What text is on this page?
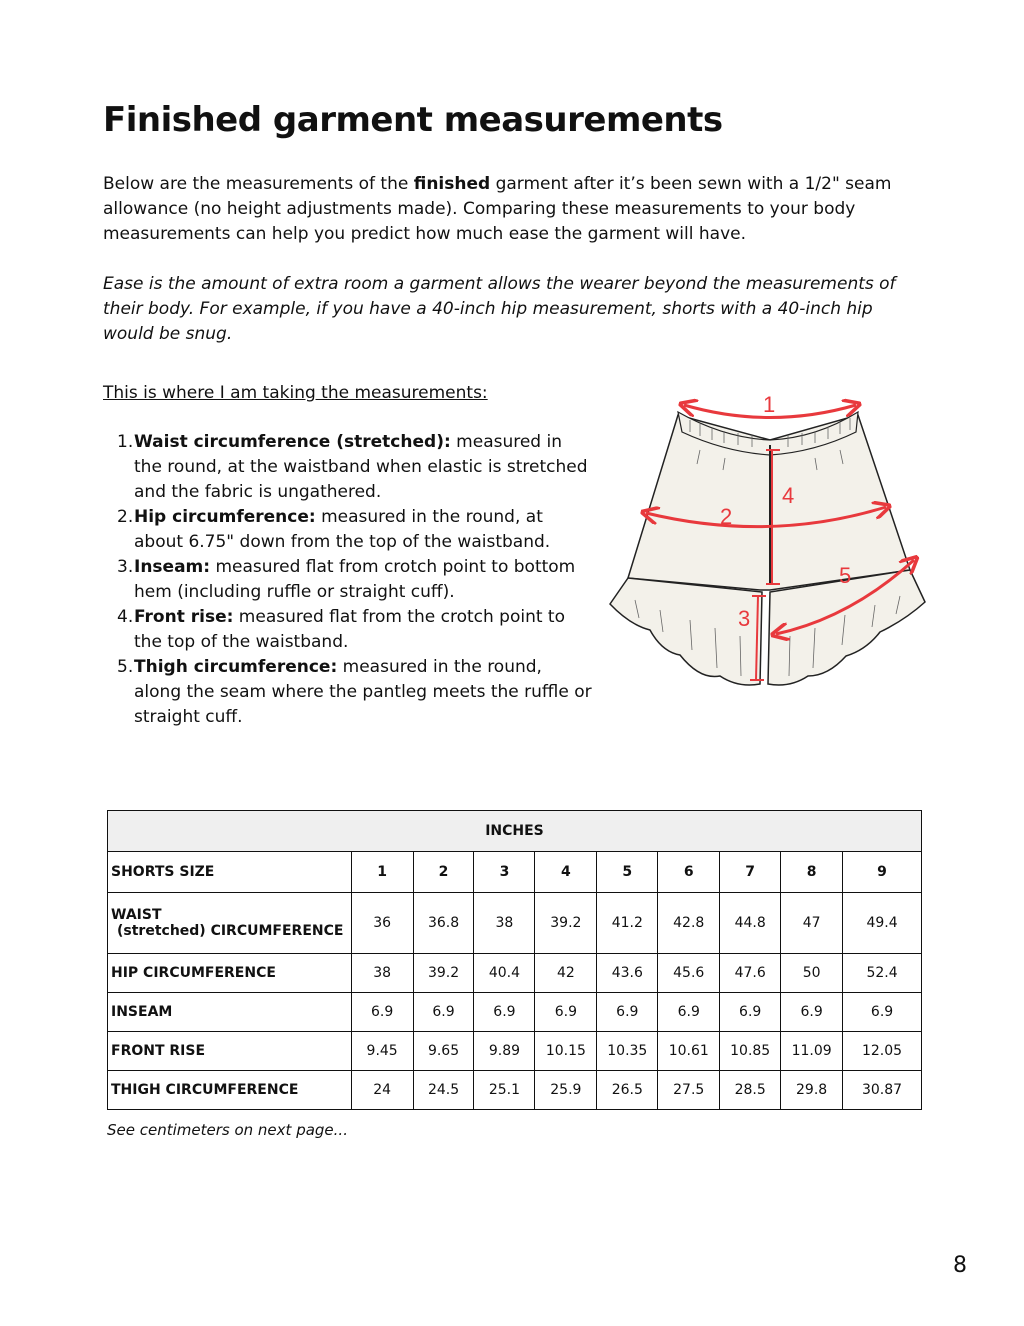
Finished garment measurements

Below are the measurements of the finished garment after it’s been sewn with a 1/2" seam allowance (no height adjustments made). Comparing these measurements to your body measurements can help you predict how much ease the garment will have.

Ease is the amount of extra room a garment allows the wearer beyond the measurements of their body. For example, if you have a 40-inch hip measurement, shorts with a 40-inch hip would be snug.

This is where I am taking the measurements:

1. Waist circumference (stretched): measured in the round, at the waistband when elastic is stretched and the fabric is ungathered.
2. Hip circumference: measured in the round, at about 6.75" down from the top of the waistband.
3. Inseam: measured flat from crotch point to bottom hem (including ruffle or straight cuff).
4. Front rise: measured flat from the crotch point to the top of the waistband.
5. Thigh circumference: measured in the round, along the seam where the pantleg meets the ruffle or straight cuff.
1
2
3
4
5
INCHES									
SHORTS SIZE	1	2	3	4	5	6	7	8	9
WAIST
(stretched) CIRCUMFERENCE	36	36.8	38	39.2	41.2	42.8	44.8	47	49.4
HIP CIRCUMFERENCE	38	39.2	40.4	42	43.6	45.6	47.6	50	52.4
INSEAM	6.9	6.9	6.9	6.9	6.9	6.9	6.9	6.9	6.9
FRONT RISE	9.45	9.65	9.89	10.15	10.35	10.61	10.85	11.09	12.05
THIGH CIRCUMFERENCE	24	24.5	25.1	25.9	26.5	27.5	28.5	29.8	30.87

See centimeters on next page...

8
